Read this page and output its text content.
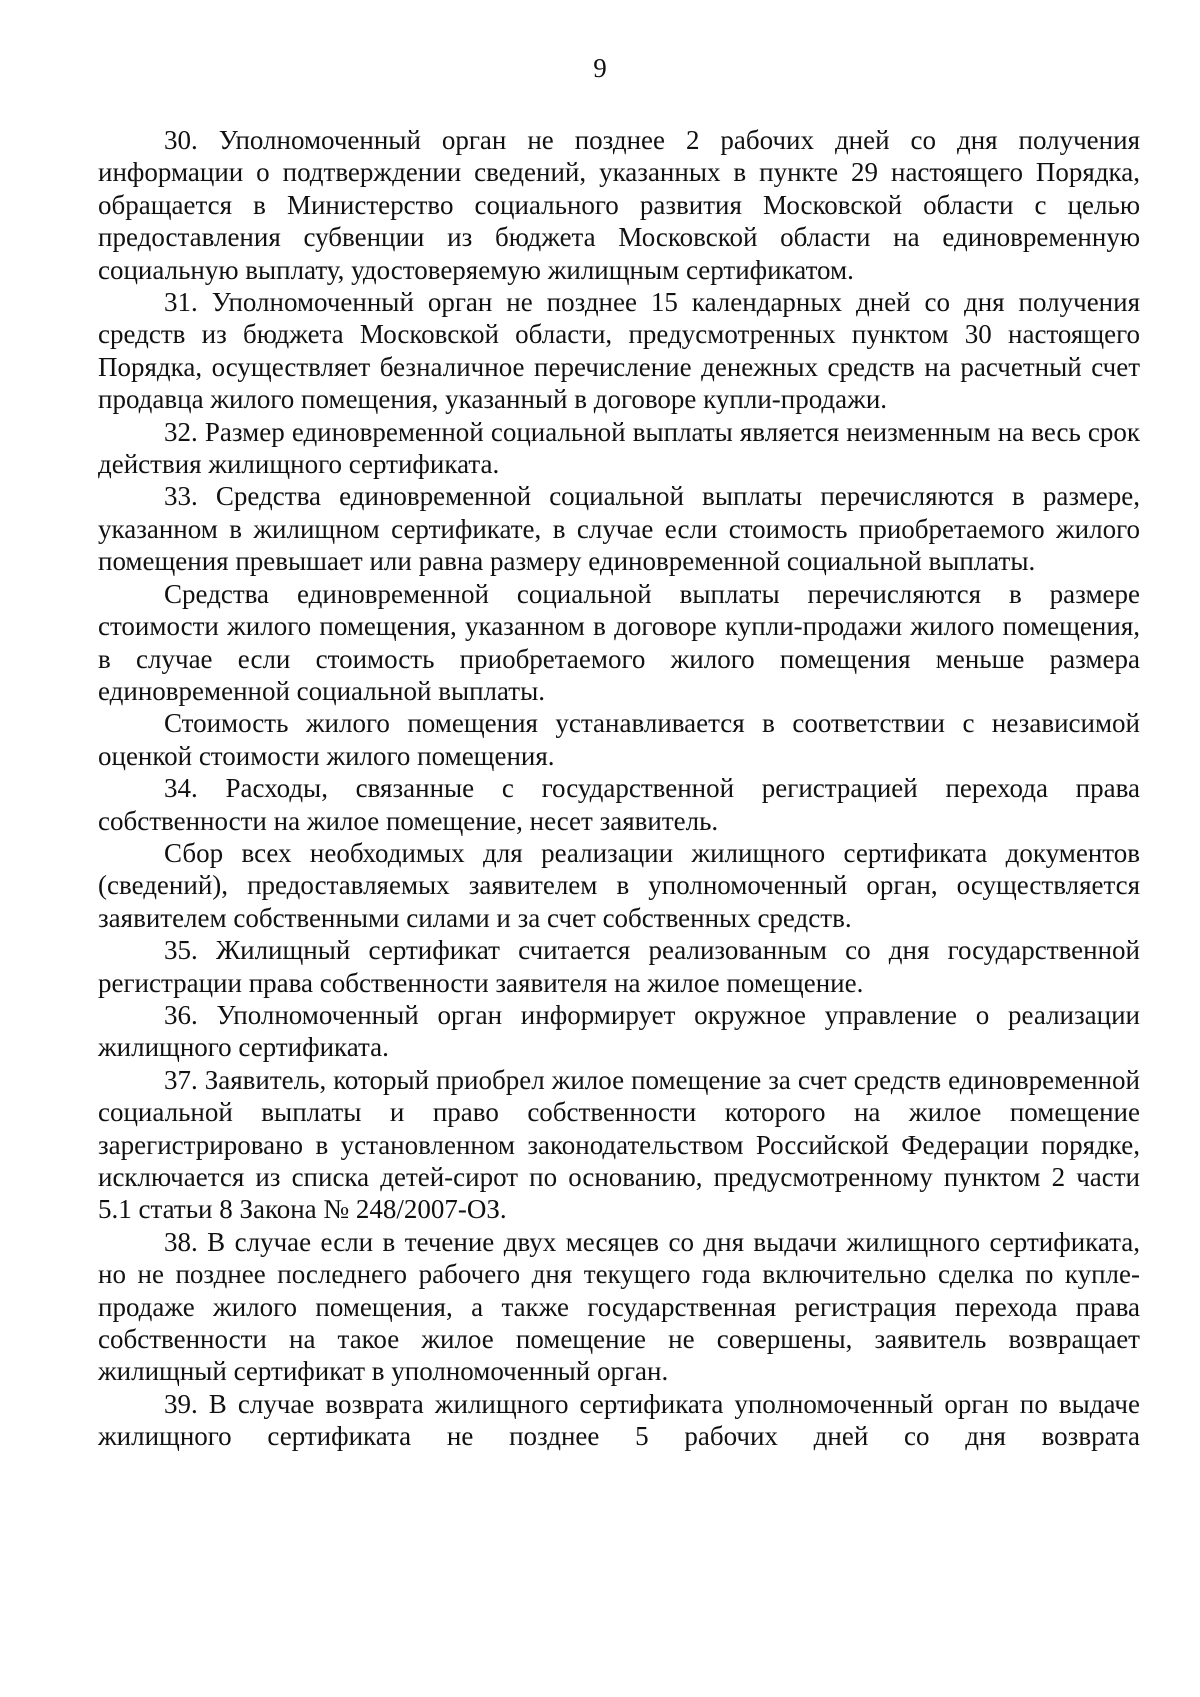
9

30. Уполномоченный орган не позднее 2 рабочих дней со дня получения информации о подтверждении сведений, указанных в пункте 29 настоящего Порядка, обращается в Министерство социального развития Московской области с целью предоставления субвенции из бюджета Московской области на единовременную социальную выплату, удостоверяемую жилищным сертификатом.

31. Уполномоченный орган не позднее 15 календарных дней со дня получения средств из бюджета Московской области, предусмотренных пунктом 30 настоящего Порядка, осуществляет безналичное перечисление денежных средств на расчетный счет продавца жилого помещения, указанный в договоре купли-продажи.

32. Размер единовременной социальной выплаты является неизменным на весь срок действия жилищного сертификата.

33. Средства единовременной социальной выплаты перечисляются в размере, указанном в жилищном сертификате, в случае если стоимость приобретаемого жилого помещения превышает или равна размеру единовременной социальной выплаты.

Средства единовременной социальной выплаты перечисляются в размере стоимости жилого помещения, указанном в договоре купли-продажи жилого помещения, в случае если стоимость приобретаемого жилого помещения меньше размера единовременной социальной выплаты.

Стоимость жилого помещения устанавливается в соответствии с независимой оценкой стоимости жилого помещения.

34. Расходы, связанные с государственной регистрацией перехода права собственности на жилое помещение, несет заявитель.

Сбор всех необходимых для реализации жилищного сертификата документов (сведений), предоставляемых заявителем в уполномоченный орган, осуществляется заявителем собственными силами и за счет собственных средств.

35. Жилищный сертификат считается реализованным со дня государственной регистрации права собственности заявителя на жилое помещение.

36. Уполномоченный орган информирует окружное управление о реализации жилищного сертификата.

37. Заявитель, который приобрел жилое помещение за счет средств единовременной социальной выплаты и право собственности которого на жилое помещение зарегистрировано в установленном законодательством Российской Федерации порядке, исключается из списка детей-сирот по основанию, предусмотренному пунктом 2 части 5.1 статьи 8 Закона № 248/2007-ОЗ.

38. В случае если в течение двух месяцев со дня выдачи жилищного сертификата, но не позднее последнего рабочего дня текущего года включительно сделка по купле-продаже жилого помещения, а также государственная регистрация перехода права собственности на такое жилое помещение не совершены, заявитель возвращает жилищный сертификат в уполномоченный орган.

39. В случае возврата жилищного сертификата уполномоченный орган по выдаче жилищного сертификата не позднее 5 рабочих дней со дня возврата
